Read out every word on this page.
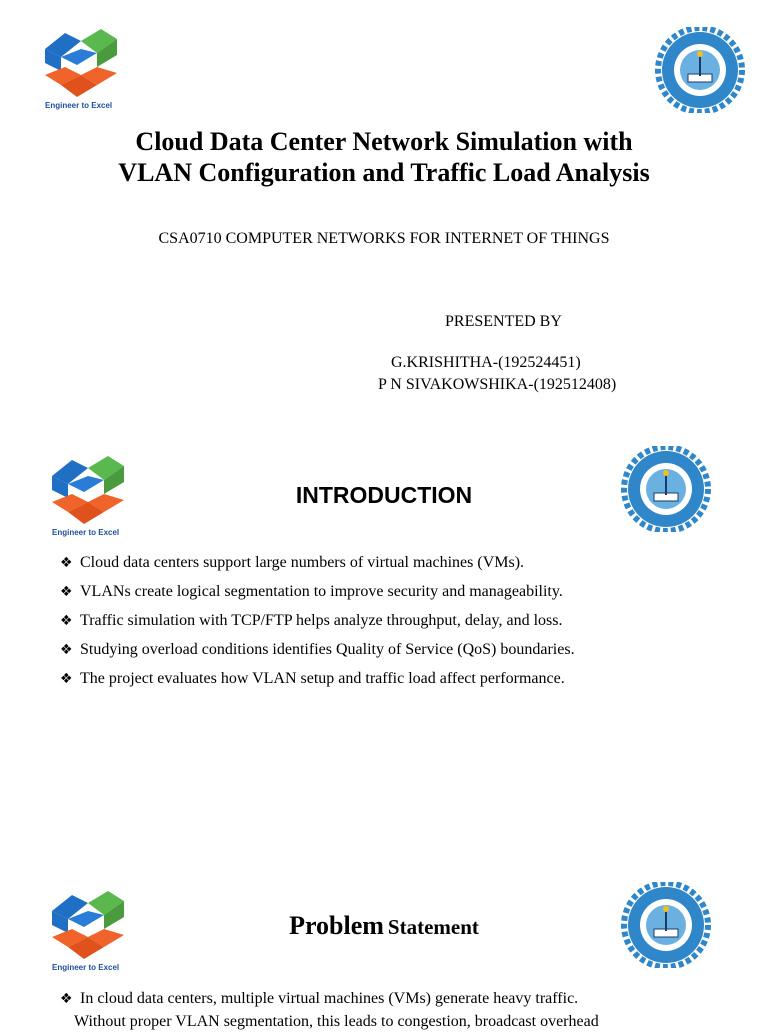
Engineer to Excel
Cloud Data Center Network Simulation with
VLAN Configuration and Traffic Load Analysis
CSA0710 COMPUTER NETWORKS FOR INTERNET OF THINGS
PRESENTED BY
G.KRISHITHA-(192524451)
P N SIVAKOWSHIKA-(192512408)
Engineer to Excel
INTRODUCTION
❖ Cloud data centers support large numbers of virtual machines (VMs).
❖ VLANs create logical segmentation to improve security and manageability.
❖ Traffic simulation with TCP/FTP helps analyze throughput, delay, and loss.
❖ Studying overload conditions identifies Quality of Service (QoS) boundaries.
❖ The project evaluates how VLAN setup and traffic load affect performance.
Engineer to Excel
Problem Statement
❖ In cloud data centers, multiple virtual machines (VMs) generate heavy traffic.
Without proper VLAN segmentation, this leads to congestion, broadcast overhead
